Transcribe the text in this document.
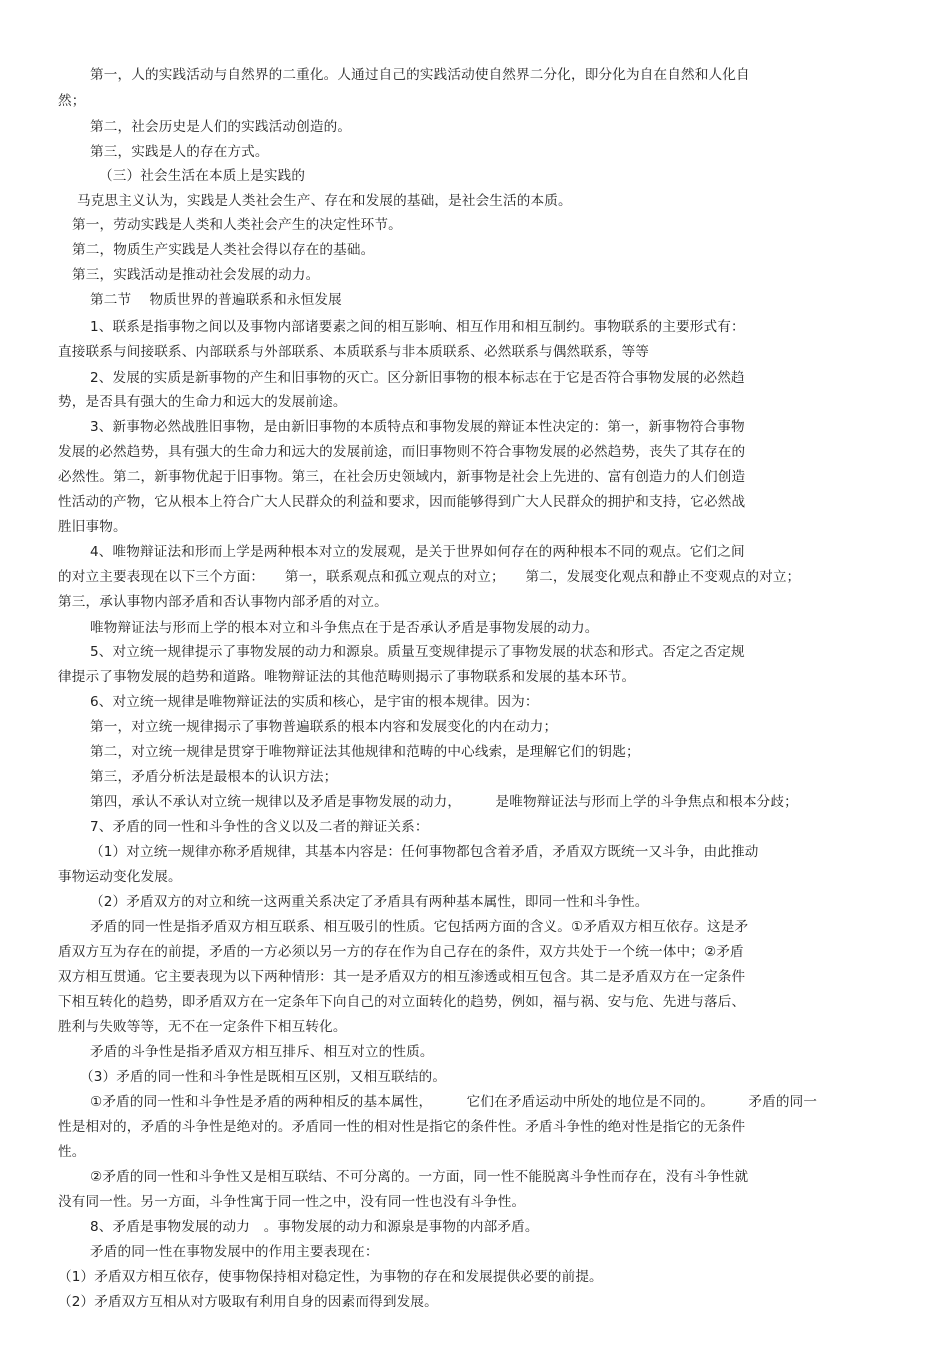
第一，人的实践活动与自然界的二重化。人通过自己的实践活动使自然界二分化，即分化为自在自然和人化自
然；
第二，社会历史是人们的实践活动创造的。
第三，实践是人的存在方式。
（三）社会生活在本质上是实践的
马克思主义认为，实践是人类社会生产、存在和发展的基础，是社会生活的本质。
第一，劳动实践是人类和人类社会产生的决定性环节。
第二，物质生产实践是人类社会得以存在的基础。
第三，实践活动是推动社会发展的动力。
第二节　 物质世界的普遍联系和永恒发展
1、联系是指事物之间以及事物内部诸要素之间的相互影响、相互作用和相互制约。事物联系的主要形式有：
直接联系与间接联系、内部联系与外部联系、本质联系与非本质联系、必然联系与偶然联系，等等
2、发展的实质是新事物的产生和旧事物的灭亡。区分新旧事物的根本标志在于它是否符合事物发展的必然趋
势，是否具有强大的生命力和远大的发展前途。
3、新事物必然战胜旧事物，是由新旧事物的本质特点和事物发展的辩证本性决定的：第一，新事物符合事物
发展的必然趋势，具有强大的生命力和远大的发展前途，而旧事物则不符合事物发展的必然趋势，丧失了其存在的
必然性。第二，新事物优起于旧事物。第三，在社会历史领域内，新事物是社会上先进的、富有创造力的人们创造
性活动的产物，它从根本上符合广大人民群众的利益和要求，因而能够得到广大人民群众的拥护和支持，它必然战
胜旧事物。
4、唯物辩证法和形而上学是两种根本对立的发展观，是关于世界如何存在的两种根本不同的观点。它们之间
的对立主要表现在以下三个方面：　　第一，联系观点和孤立观点的对立；　　第二，发展变化观点和静止不变观点的对立；
第三，承认事物内部矛盾和否认事物内部矛盾的对立。
唯物辩证法与形而上学的根本对立和斗争焦点在于是否承认矛盾是事物发展的动力。
5、对立统一规律提示了事物发展的动力和源泉。质量互变规律提示了事物发展的状态和形式。否定之否定规
律提示了事物发展的趋势和道路。唯物辩证法的其他范畴则揭示了事物联系和发展的基本环节。
6、对立统一规律是唯物辩证法的实质和核心，是宇宙的根本规律。因为：
第一，对立统一规律揭示了事物普遍联系的根本内容和发展变化的内在动力；
第二，对立统一规律是贯穿于唯物辩证法其他规律和范畴的中心线索，是理解它们的钥匙；
第三，矛盾分析法是最根本的认识方法；
第四，承认不承认对立统一规律以及矛盾是事物发展的动力，　　　是唯物辩证法与形而上学的斗争焦点和根本分歧；
7、矛盾的同一性和斗争性的含义以及二者的辩证关系：
（1）对立统一规律亦称矛盾规律，其基本内容是：任何事物都包含着矛盾，矛盾双方既统一又斗争，由此推动
事物运动变化发展。
（2）矛盾双方的对立和统一这两重关系决定了矛盾具有两种基本属性，即同一性和斗争性。
矛盾的同一性是指矛盾双方相互联系、相互吸引的性质。它包括两方面的含义。①矛盾双方相互依存。这是矛
盾双方互为存在的前提，矛盾的一方必须以另一方的存在作为自己存在的条件，双方共处于一个统一体中；②矛盾
双方相互贯通。它主要表现为以下两种情形：其一是矛盾双方的相互渗透或相互包含。其二是矛盾双方在一定条件
下相互转化的趋势，即矛盾双方在一定条年下向自己的对立面转化的趋势，例如，福与祸、安与危、先进与落后、
胜利与失败等等，无不在一定条件下相互转化。
矛盾的斗争性是指矛盾双方相互排斥、相互对立的性质。
（3）矛盾的同一性和斗争性是既相互区别，又相互联结的。
①矛盾的同一性和斗争性是矛盾的两种相反的基本属性，　　　它们在矛盾运动中所处的地位是不同的。　　　矛盾的同一
性是相对的，矛盾的斗争性是绝对的。矛盾同一性的相对性是指它的条件性。矛盾斗争性的绝对性是指它的无条件
性。
②矛盾的同一性和斗争性又是相互联结、不可分离的。一方面，同一性不能脱离斗争性而存在，没有斗争性就
没有同一性。另一方面，斗争性寓于同一性之中，没有同一性也没有斗争性。
8、矛盾是事物发展的动力　。事物发展的动力和源泉是事物的内部矛盾。
矛盾的同一性在事物发展中的作用主要表现在：
（1）矛盾双方相互依存，使事物保持相对稳定性，为事物的存在和发展提供必要的前提。
（2）矛盾双方互相从对方吸取有利用自身的因素而得到发展。
